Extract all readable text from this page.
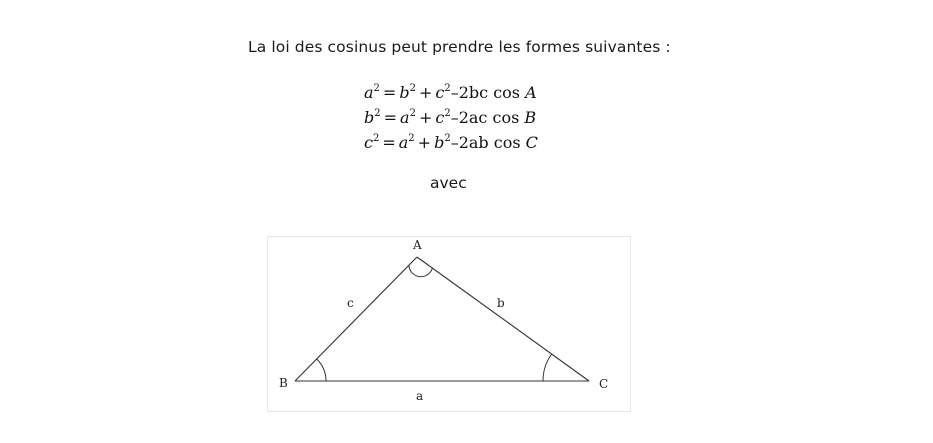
La loi des cosinus peut prendre les formes suivantes :
$a^2 = b^2 + c^2-2bc$ cos A
$b^2 = a^2 + c^2-2ac$ cos B
$c^2 = a^2 + b^2-2ab$ cos C
avec
A
B	C
a
b
c
